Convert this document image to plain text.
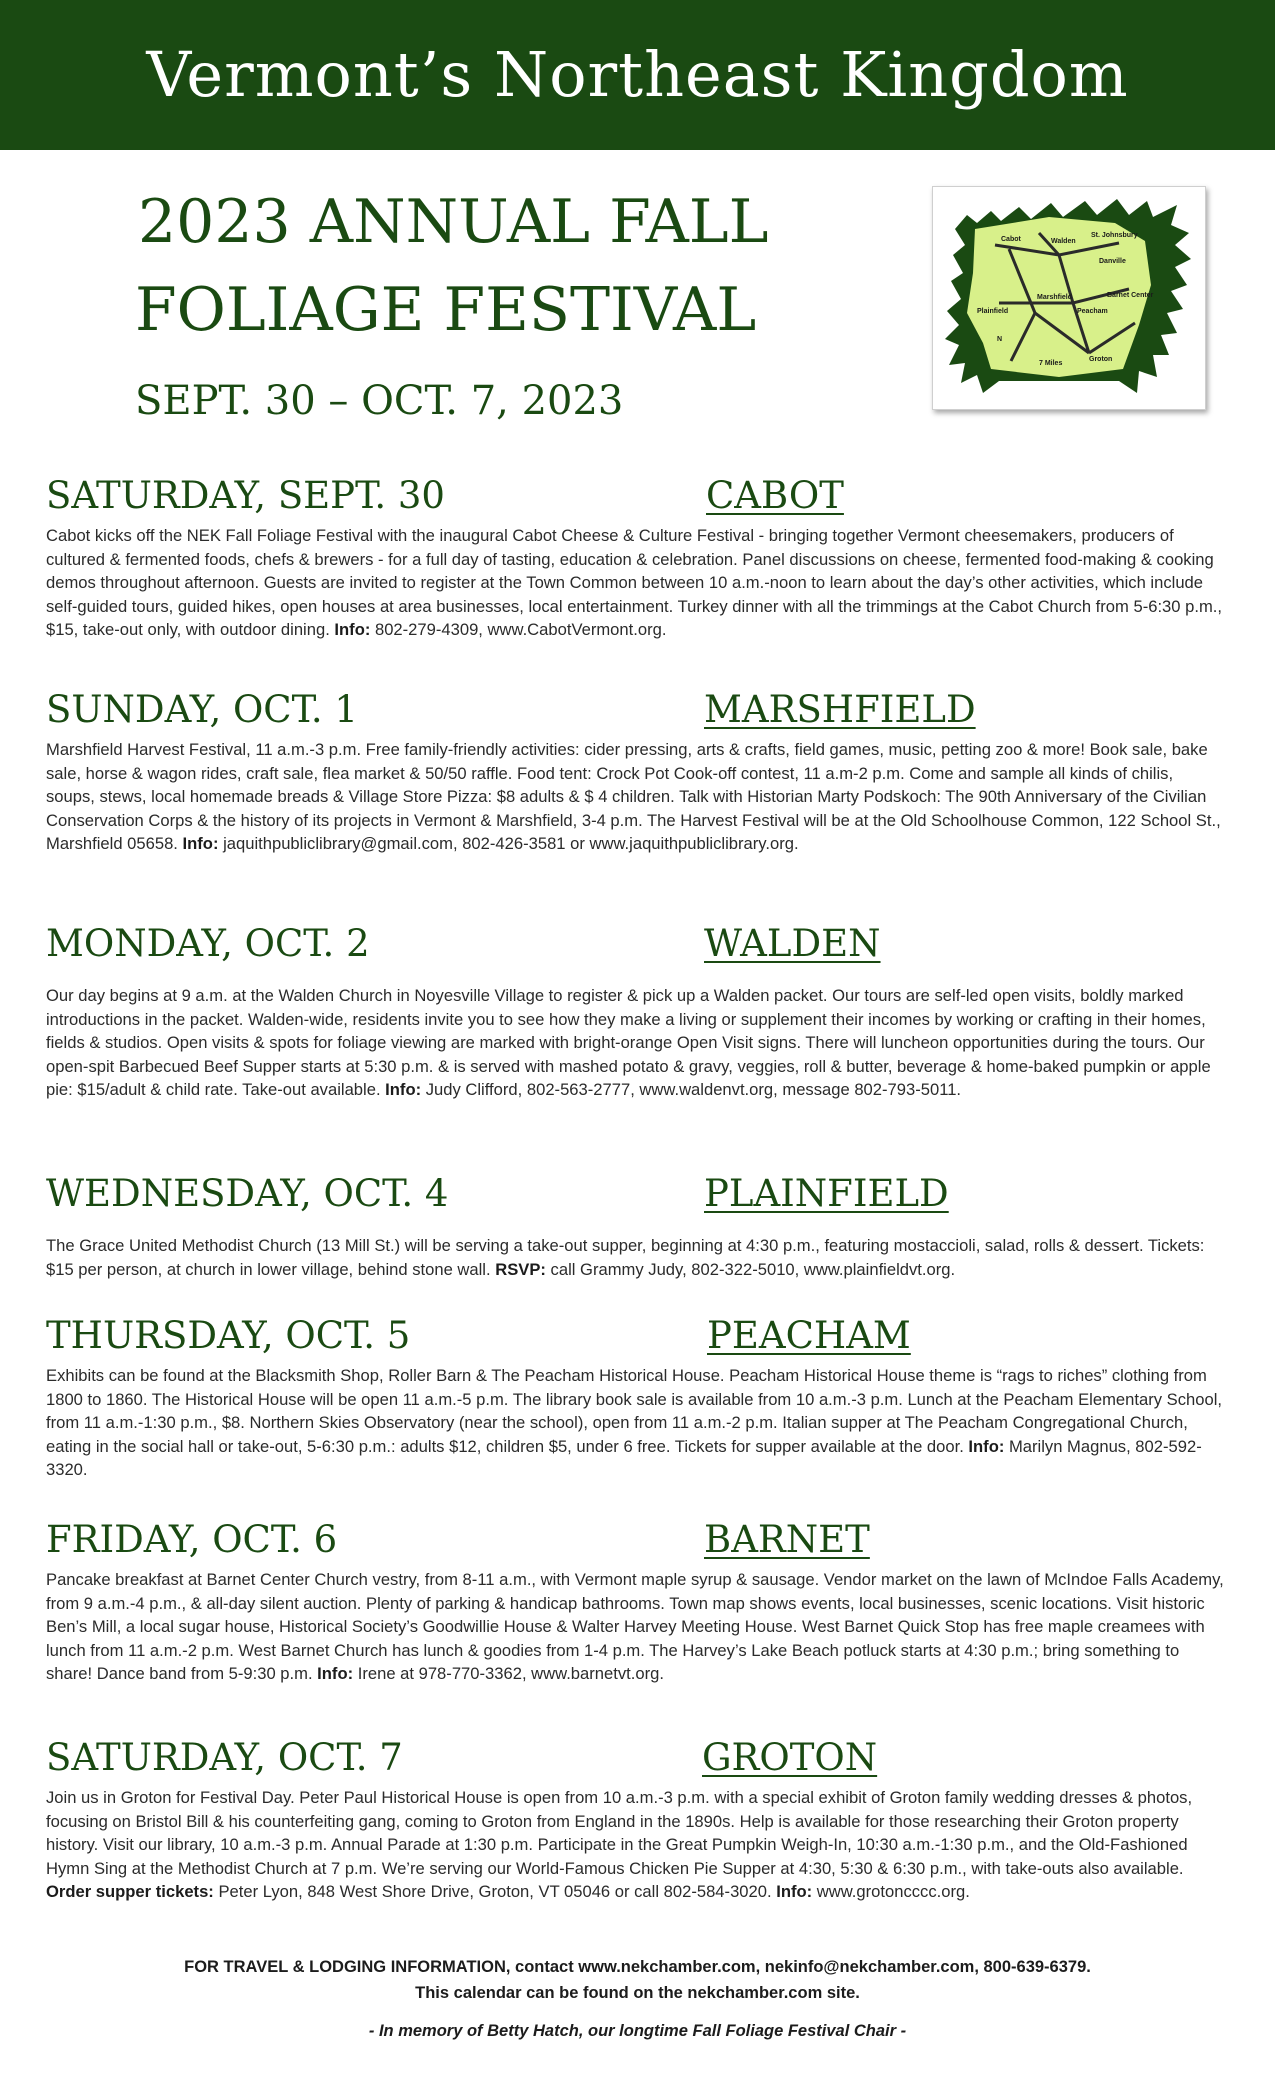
Vermont’s Northeast Kingdom
2023 ANNUAL FALL
FOLIAGE FESTIVAL
SEPT. 30 – OCT. 7, 2023
Cabot	Walden
St. Johnsbury
Danville
Marshfield
Peacham
Barnet Center
Plainfield
Groton
N
7 Miles
SATURDAY, SEPT. 30	CABOT

Cabot kicks off the NEK Fall Foliage Festival with the inaugural Cabot Cheese & Culture Festival - bringing together Vermont cheesemakers, producers of cultured & fermented foods, chefs & brewers - for a full day of tasting, education & celebration. Panel discussions on cheese, fermented food-making & cooking demos throughout afternoon. Guests are invited to register at the Town Common between 10 a.m.-noon to learn about the day’s other activities, which include self-guided tours, guided hikes, open houses at area businesses, local entertainment. Turkey dinner with all the trimmings at the Cabot Church from 5-6:30 p.m., $15, take-out only, with outdoor dining. Info: 802-279-4309, www.CabotVermont.org.

SUNDAY, OCT. 1	MARSHFIELD

Marshfield Harvest Festival, 11 a.m.-3 p.m. Free family-friendly activities: cider pressing, arts & crafts, field games, music, petting zoo & more! Book sale, bake sale, horse & wagon rides, craft sale, flea market & 50/50 raffle. Food tent: Crock Pot Cook-off contest, 11 a.m-2 p.m. Come and sample all kinds of chilis, soups, stews, local homemade breads & Village Store Pizza: $8 adults & $ 4 children. Talk with Historian Marty Podskoch: The 90th Anniversary of the Civilian Conservation Corps & the history of its projects in Vermont & Marshfield, 3-4 p.m. The Harvest Festival will be at the Old Schoolhouse Common, 122 School St., Marshfield 05658. Info: jaquithpubliclibrary@gmail.com, 802-426-3581 or www.jaquithpubliclibrary.org.

MONDAY, OCT. 2	WALDEN

Our day begins at 9 a.m. at the Walden Church in Noyesville Village to register & pick up a Walden packet. Our tours are self-led open visits, boldly marked introductions in the packet. Walden-wide, residents invite you to see how they make a living or supplement their incomes by working or crafting in their homes, fields & studios. Open visits & spots for foliage viewing are marked with bright-orange Open Visit signs. There will luncheon opportunities during the tours. Our open-spit Barbecued Beef Supper starts at 5:30 p.m. & is served with mashed potato & gravy, veggies, roll & butter, beverage & home-baked pumpkin or apple pie: $15/adult & child rate. Take-out available. Info: Judy Clifford, 802-563-2777, www.waldenvt.org, message 802-793-5011.

WEDNESDAY, OCT. 4	PLAINFIELD

The Grace United Methodist Church (13 Mill St.) will be serving a take-out supper, beginning at 4:30 p.m., featuring mostaccioli, salad, rolls & dessert. Tickets: $15 per person, at church in lower village, behind stone wall. RSVP: call Grammy Judy, 802-322-5010, www.plainfieldvt.org.

THURSDAY, OCT. 5	PEACHAM

Exhibits can be found at the Blacksmith Shop, Roller Barn & The Peacham Historical House. Peacham Historical House theme is “rags to riches” clothing from 1800 to 1860. The Historical House will be open 11 a.m.-5 p.m. The library book sale is available from 10 a.m.-3 p.m. Lunch at the Peacham Elementary School, from 11 a.m.-1:30 p.m., $8. Northern Skies Observatory (near the school), open from 11 a.m.-2 p.m. Italian supper at The Peacham Congregational Church, eating in the social hall or take-out, 5-6:30 p.m.: adults $12, children $5, under 6 free. Tickets for supper available at the door. Info: Marilyn Magnus, 802-592-3320.

FRIDAY, OCT. 6	BARNET

Pancake breakfast at Barnet Center Church vestry, from 8-11 a.m., with Vermont maple syrup & sausage. Vendor market on the lawn of McIndoe Falls Academy, from 9 a.m.-4 p.m., & all-day silent auction. Plenty of parking & handicap bathrooms. Town map shows events, local businesses, scenic locations. Visit historic Ben’s Mill, a local sugar house, Historical Society’s Goodwillie House & Walter Harvey Meeting House. West Barnet Quick Stop has free maple creamees with lunch from 11 a.m.-2 p.m. West Barnet Church has lunch & goodies from 1-4 p.m. The Harvey’s Lake Beach potluck starts at 4:30 p.m.; bring something to share! Dance band from 5-9:30 p.m. Info: Irene at 978-770-3362, www.barnetvt.org.

SATURDAY, OCT. 7	GROTON

Join us in Groton for Festival Day. Peter Paul Historical House is open from 10 a.m.-3 p.m. with a special exhibit of Groton family wedding dresses & photos, focusing on Bristol Bill & his counterfeiting gang, coming to Groton from England in the 1890s. Help is available for those researching their Groton property history. Visit our library, 10 a.m.-3 p.m. Annual Parade at 1:30 p.m. Participate in the Great Pumpkin Weigh-In, 10:30 a.m.-1:30 p.m., and the Old-Fashioned Hymn Sing at the Methodist Church at 7 p.m. We’re serving our World-Famous Chicken Pie Supper at 4:30, 5:30 & 6:30 p.m., with take-outs also available. Order supper tickets: Peter Lyon, 848 West Shore Drive, Groton, VT 05046 or call 802-584-3020. Info: www.grotoncccc.org.

FOR TRAVEL & LODGING INFORMATION, contact www.nekchamber.com, nekinfo@nekchamber.com, 800-639-6379.
This calendar can be found on the nekchamber.com site.
- In memory of Betty Hatch, our longtime Fall Foliage Festival Chair -
